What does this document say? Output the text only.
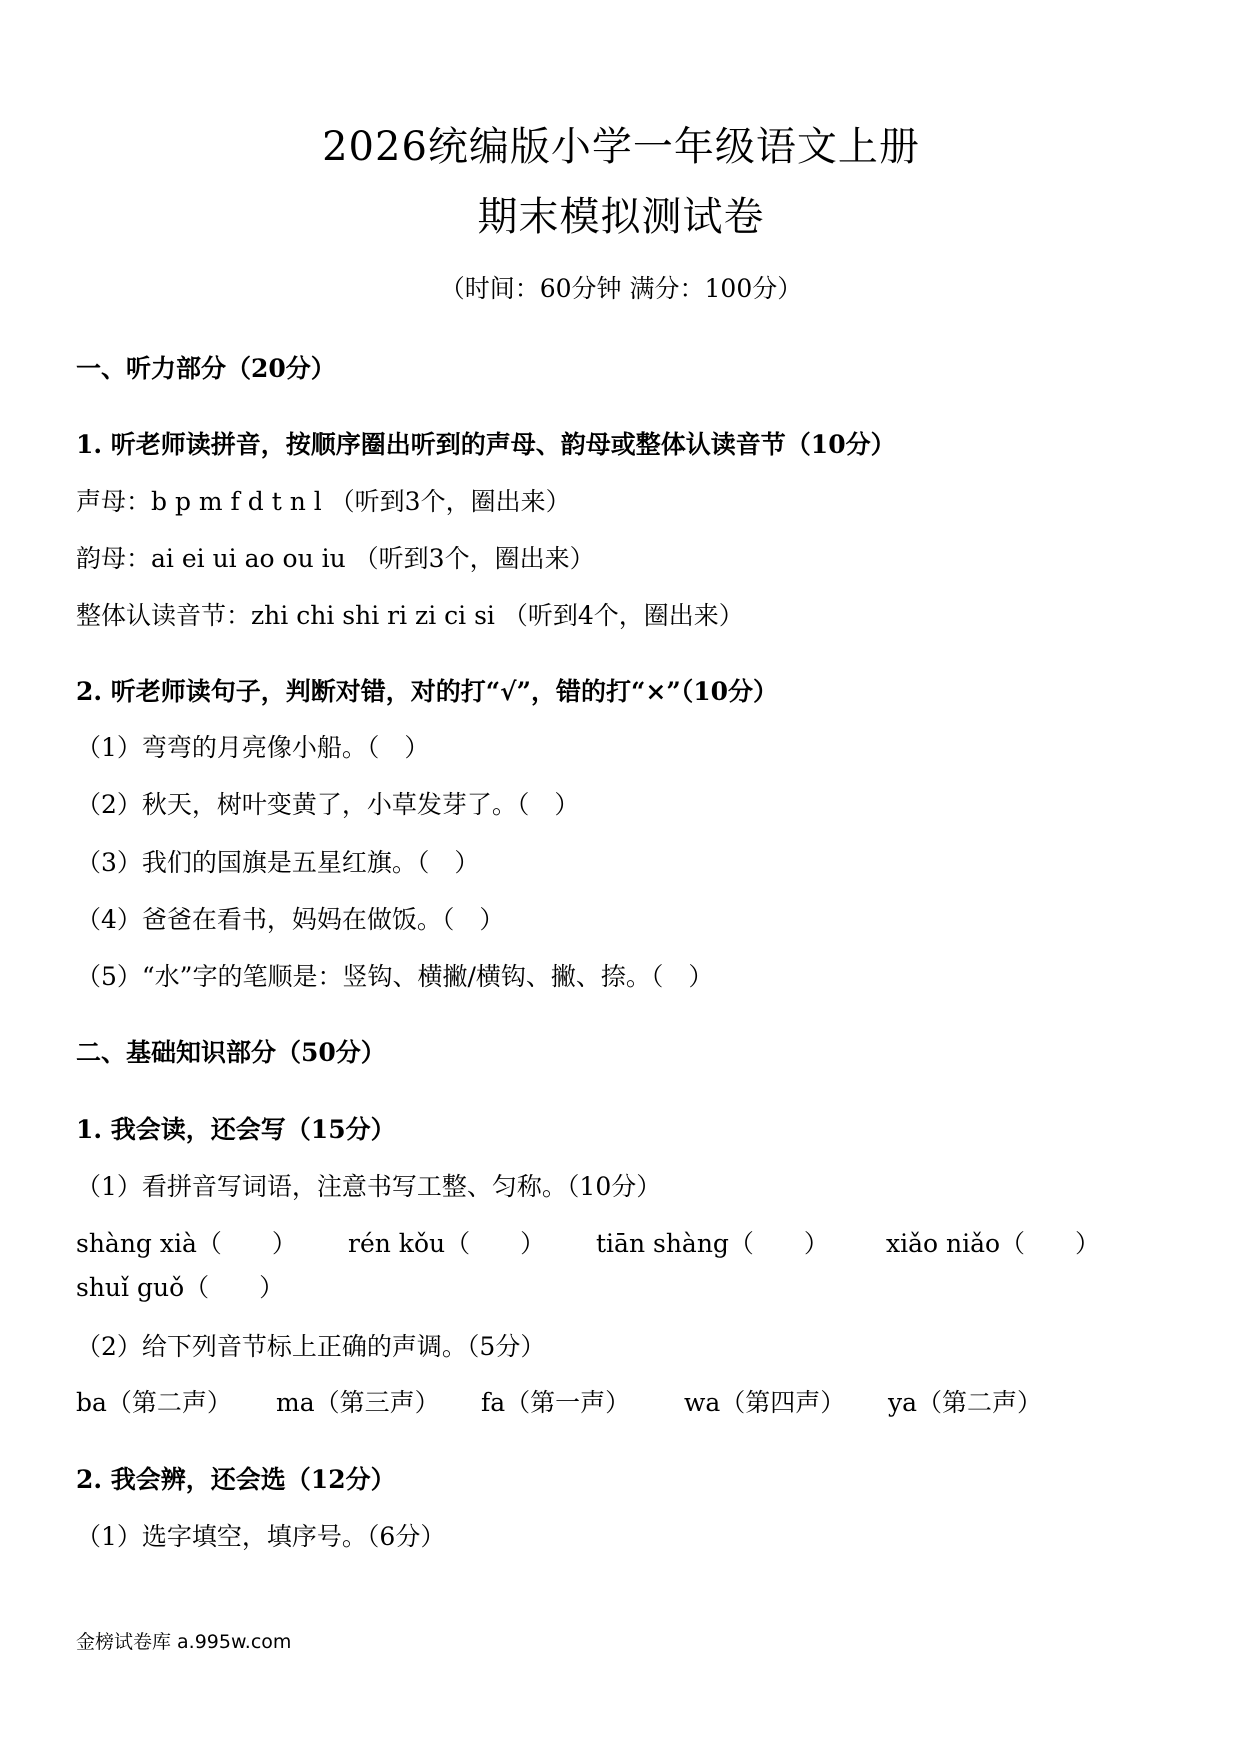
2026统编版小学一年级语文上册
期末模拟测试卷
（时间：60分钟 满分：100分）
一、听力部分（20分）
1. 听老师读拼音，按顺序圈出听到的声母、韵母或整体认读音节（10分）
声母：b p m f d t n l （听到3个，圈出来）
韵母：ai ei ui ao ou iu （听到3个，圈出来）
整体认读音节：zhi chi shi ri zi ci si （听到4个，圈出来）
2. 听老师读句子，判断对错，对的打“√”，错的打“×”（10分）
（1）弯弯的月亮像小船。（　）
（2）秋天，树叶变黄了，小草发芽了。（　）
（3）我们的国旗是五星红旗。（　）
（4）爸爸在看书，妈妈在做饭。（　）
（5）“水”字的笔顺是：竖钩、横撇/横钩、撇、捺。（　）
二、基础知识部分（50分）
1. 我会读，还会写（15分）
（1）看拼音写词语，注意书写工整、匀称。（10分）
shàng xià（　　） rén kǒu（　　） tiān shàng（　　） xiǎo niǎo（　　）
shuǐ guǒ（　　）
（2）给下列音节标上正确的声调。（5分）
ba（第二声） ma（第三声） fa（第一声） wa（第四声） ya（第二声）
2. 我会辨，还会选（12分）
（1）选字填空，填序号。（6分）
金榜试卷库 a.995w.com
